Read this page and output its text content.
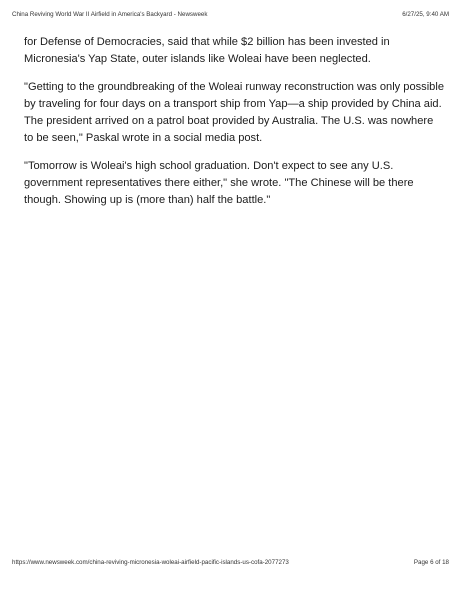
China Reviving World War II Airfield in America's Backyard - Newsweek	6/27/25, 9:40 AM

for Defense of Democracies, said that while $2 billion has been invested in Micronesia's Yap State, outer islands like Woleai have been neglected.

"Getting to the groundbreaking of the Woleai runway reconstruction was only possible by traveling for four days on a transport ship from Yap—a ship provided by China aid. The president arrived on a patrol boat provided by Australia. The U.S. was nowhere to be seen," Paskal wrote in a social media post.

"Tomorrow is Woleai's high school graduation. Don't expect to see any U.S. government representatives there either," she wrote. "The Chinese will be there though. Showing up is (more than) half the battle."

https://www.newsweek.com/china-reviving-micronesia-woleai-airfield-pacific-islands-us-cofa-2077273	Page 6 of 18
